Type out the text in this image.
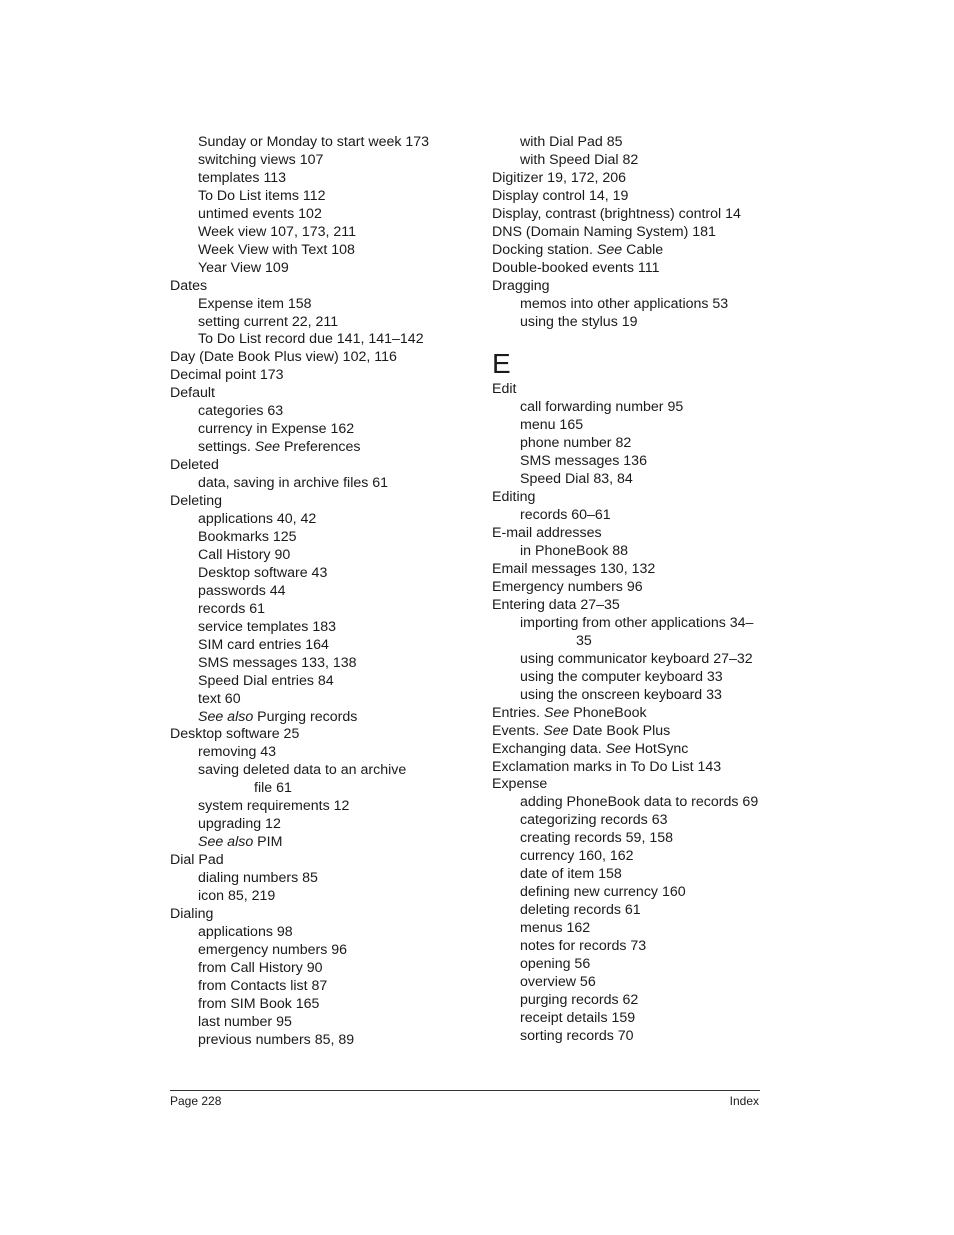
Sunday or Monday to start week 173
switching views 107
templates 113
To Do List items 112
untimed events 102
Week view 107, 173, 211
Week View with Text 108
Year View 109
Dates
Expense item 158
setting current 22, 211
To Do List record due 141, 141–142
Day (Date Book Plus view) 102, 116
Decimal point 173
Default
categories 63
currency in Expense 162
settings. See Preferences
Deleted
data, saving in archive files 61
Deleting
applications 40, 42
Bookmarks 125
Call History 90
Desktop software 43
passwords 44
records 61
service templates 183
SIM card entries 164
SMS messages 133, 138
Speed Dial entries 84
text 60
See also Purging records
Desktop software 25
removing 43
saving deleted data to an archive
file 61
system requirements 12
upgrading 12
See also PIM
Dial Pad
dialing numbers 85
icon 85, 219
Dialing
applications 98
emergency numbers 96
from Call History 90
from Contacts list 87
from SIM Book 165
last number 95
previous numbers 85, 89
with Dial Pad 85
with Speed Dial 82
Digitizer 19, 172, 206
Display control 14, 19
Display, contrast (brightness) control 14
DNS (Domain Naming System) 181
Docking station. See Cable
Double-booked events 111
Dragging
memos into other applications 53
using the stylus 19
E
Edit
call forwarding number 95
menu 165
phone number 82
SMS messages 136
Speed Dial 83, 84
Editing
records 60–61
E-mail addresses
in PhoneBook 88
Email messages 130, 132
Emergency numbers 96
Entering data 27–35
importing from other applications 34–
35
using communicator keyboard 27–32
using the computer keyboard 33
using the onscreen keyboard 33
Entries. See PhoneBook
Events. See Date Book Plus
Exchanging data. See HotSync
Exclamation marks in To Do List 143
Expense
adding PhoneBook data to records 69
categorizing records 63
creating records 59, 158
currency 160, 162
date of item 158
defining new currency 160
deleting records 61
menus 162
notes for records 73
opening 56
overview 56
purging records 62
receipt details 159
sorting records 70
Page 228	Index
